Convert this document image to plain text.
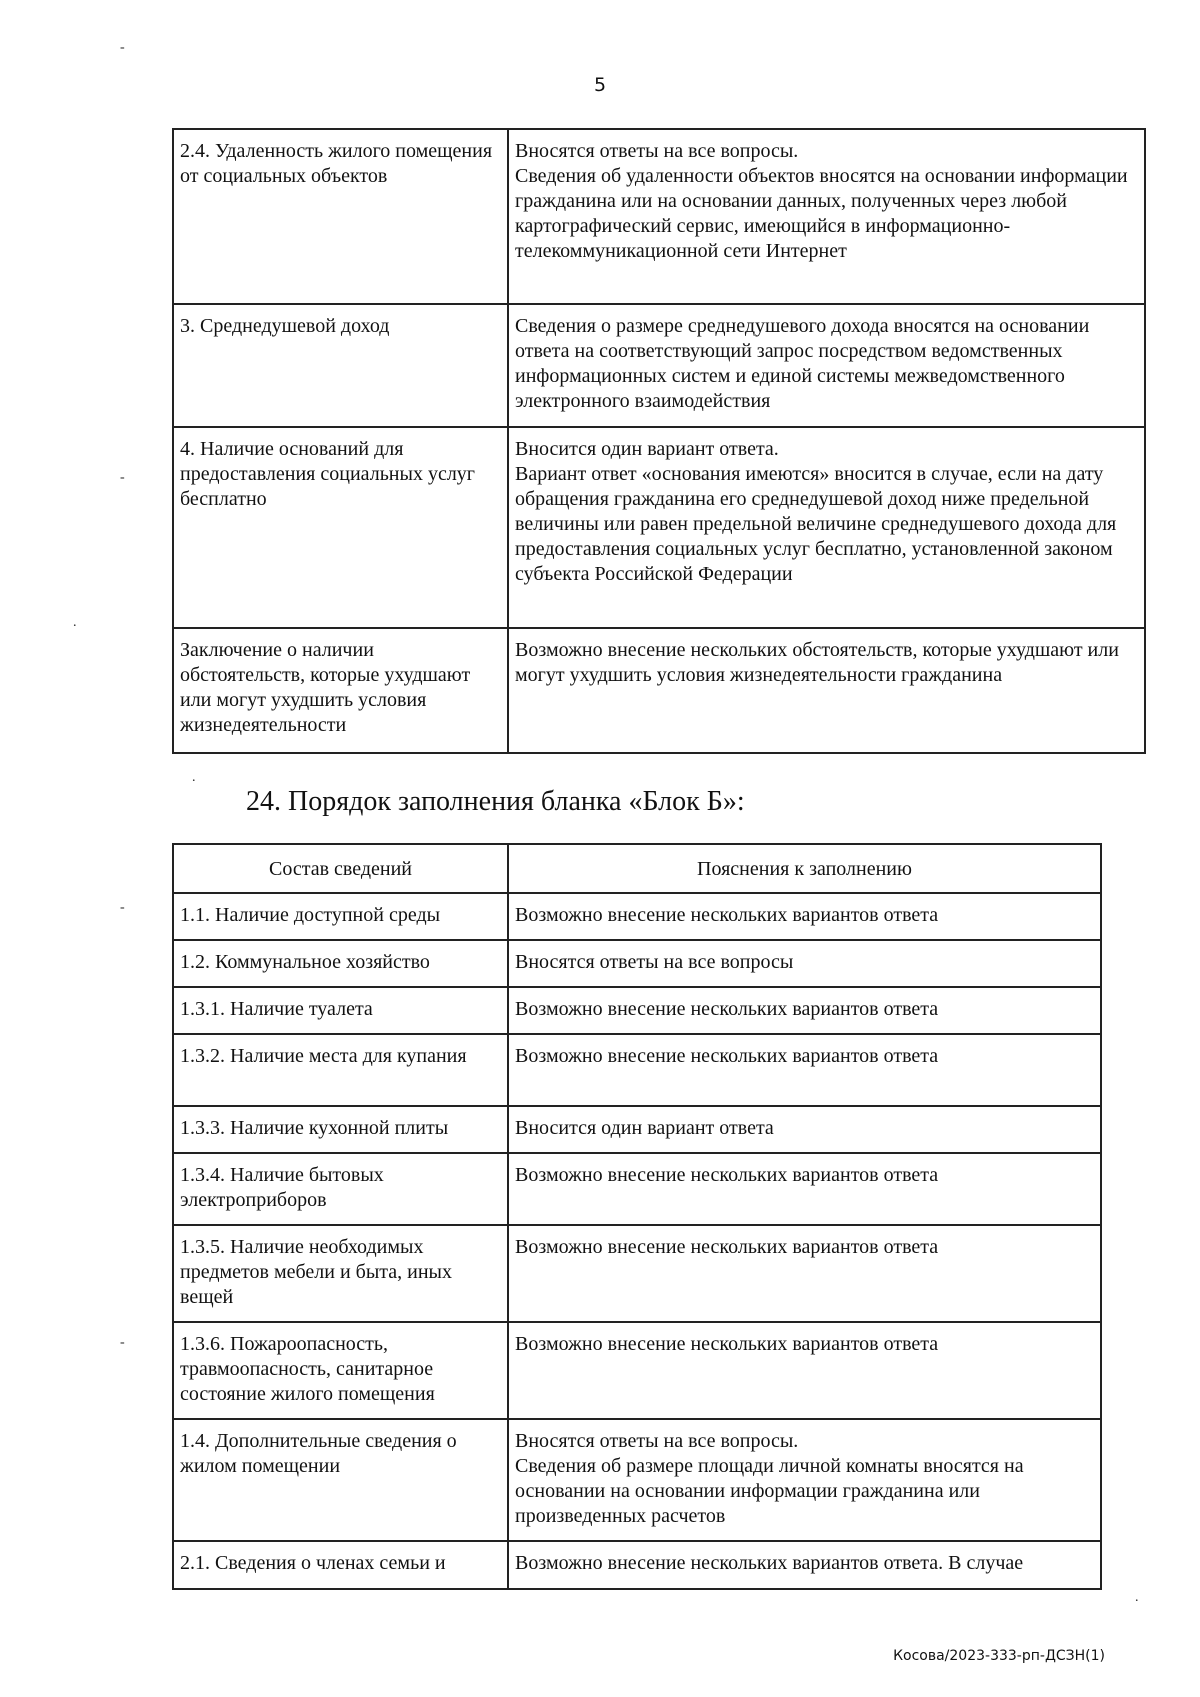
5
2.4. Удаленность жилого помещения от социальных объектов	Вносятся ответы на все вопросы.
Сведения об удаленности объектов вносятся на основании информации гражданина или на основании данных, полученных через любой картографический сервис, имеющийся в информационно-телекоммуникационной сети Интернет
3. Среднедушевой доход	Сведения о размере среднедушевого дохода вносятся на основании ответа на соответствующий запрос посредством ведомственных информационных систем и единой системы межведомственного электронного взаимодействия
4. Наличие оснований для предоставления социальных услуг бесплатно	Вносится один вариант ответа.
Вариант ответ «основания имеются» вносится в случае, если на дату обращения гражданина его среднедушевой доход ниже предельной величины или равен предельной величине среднедушевого дохода для предоставления социальных услуг бесплатно, установленной законом субъекта Российской Федерации
Заключение о наличии обстоятельств, которые ухудшают или могут ухудшить условия жизнедеятельности	Возможно внесение нескольких обстоятельств, которые ухудшают или могут ухудшить условия жизнедеятельности гражданина
24. Порядок заполнения бланка «Блок Б»:
Состав сведений	Пояснения к заполнению
1.1. Наличие доступной среды	Возможно внесение нескольких вариантов ответа
1.2. Коммунальное хозяйство	Вносятся ответы на все вопросы
1.3.1. Наличие туалета	Возможно внесение нескольких вариантов ответа
1.3.2. Наличие места для купания	Возможно внесение нескольких вариантов ответа
1.3.3. Наличие кухонной плиты	Вносится один вариант ответа
1.3.4. Наличие бытовых электроприборов	Возможно внесение нескольких вариантов ответа
1.3.5. Наличие необходимых предметов мебели и быта, иных вещей	Возможно внесение нескольких вариантов ответа
1.3.6. Пожароопасность, травмоопасность, санитарное состояние жилого помещения	Возможно внесение нескольких вариантов ответа
1.4. Дополнительные сведения о жилом помещении	Вносятся ответы на все вопросы.
Сведения об размере площади личной комнаты вносятся на основании на основании информации гражданина или произведенных расчетов
2.1. Сведения о членах семьи и	Возможно внесение нескольких вариантов ответа. В случае
-
-
.
-
-
.
.
Косова/2023-333-рп-ДСЗН(1)
